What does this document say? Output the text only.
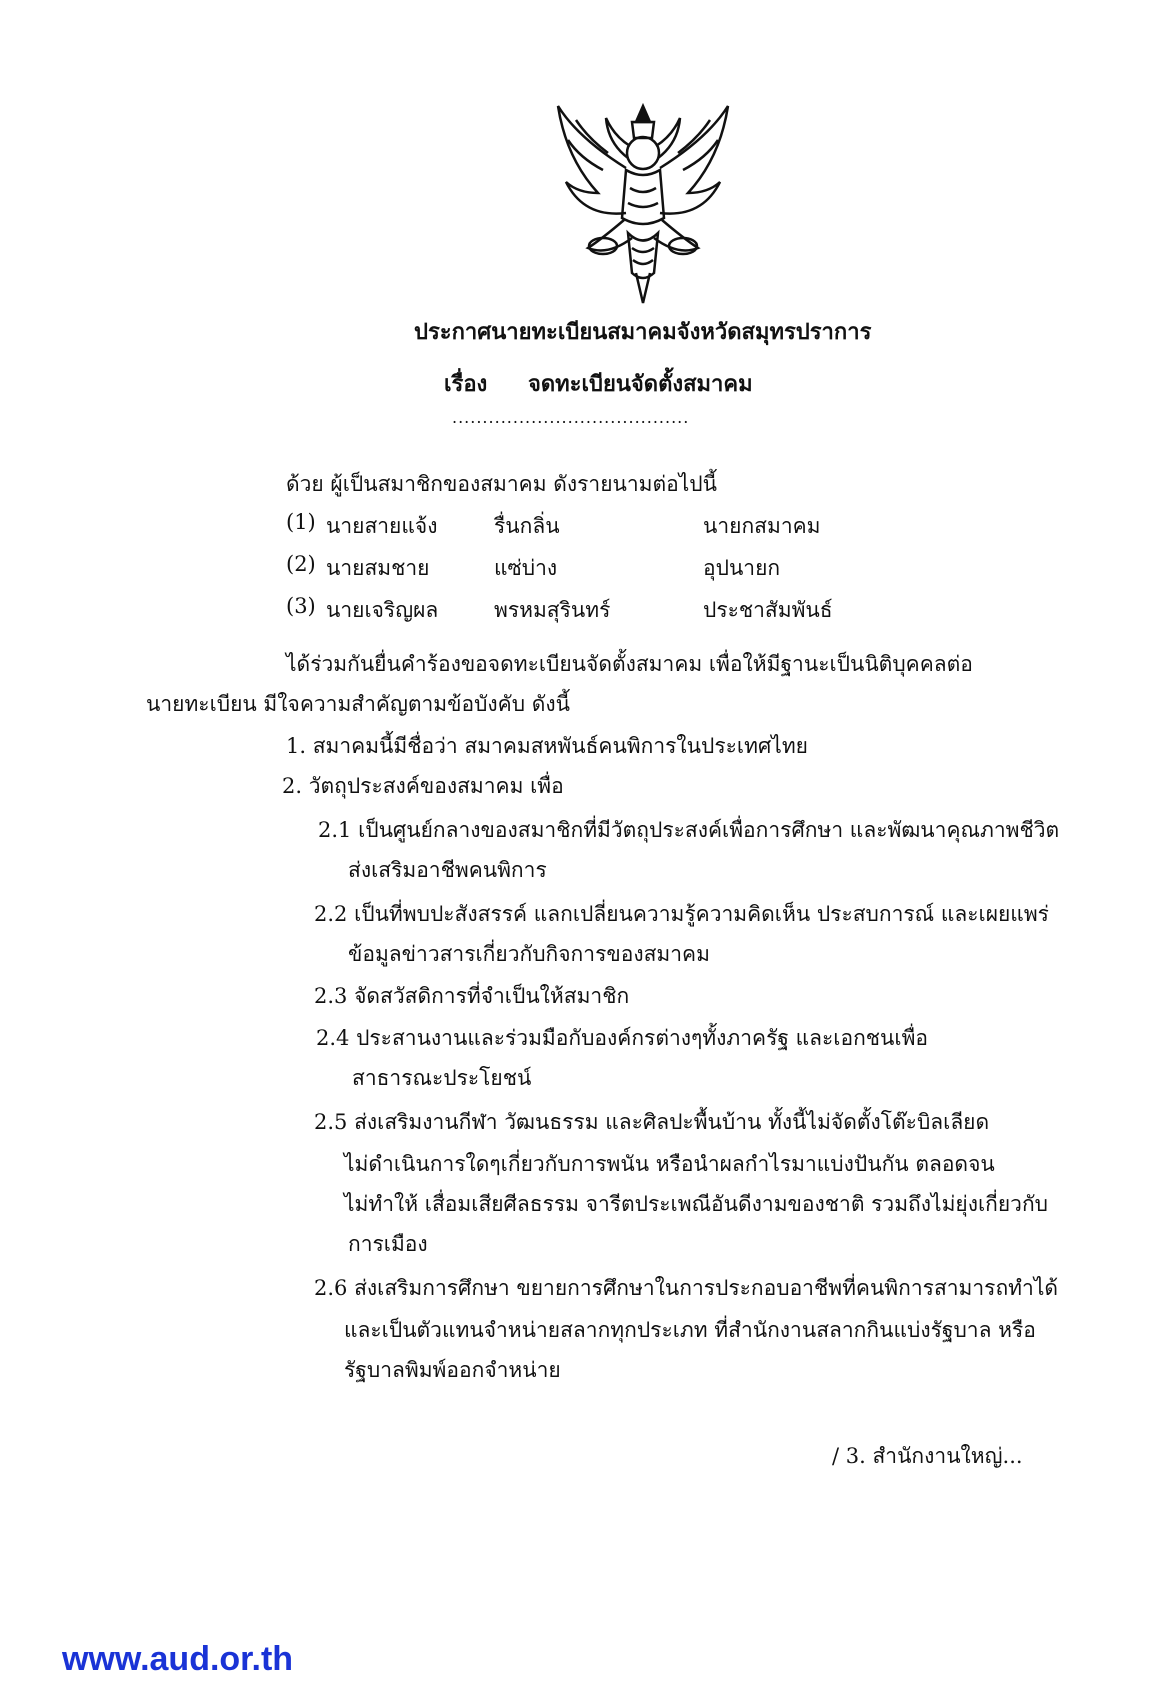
ประกาศนายทะเบียนสมาคมจังหวัดสมุทรปราการ
เรื่อง จดทะเบียนจัดตั้งสมาคม
.......................................
ด้วย ผู้เป็นสมาชิกของสมาคม ดังรายนามต่อไปนี้
(1) นายสายแจ้ง	รื่นกลิ่น	นายกสมาคม
(2) นายสมชาย	แซ่บ่าง	อุปนายก
(3) นายเจริญผล	พรหมสุรินทร์	ประชาสัมพันธ์
ได้ร่วมกันยื่นคำร้องขอจดทะเบียนจัดตั้งสมาคม เพื่อให้มีฐานะเป็นนิติบุคคลต่อ
นายทะเบียน มีใจความสำคัญตามข้อบังคับ ดังนี้
1. สมาคมนี้มีชื่อว่า สมาคมสหพันธ์คนพิการในประเทศไทย
2. วัตถุประสงค์ของสมาคม เพื่อ
2.1 เป็นศูนย์กลางของสมาชิกที่มีวัตถุประสงค์เพื่อการศึกษา และพัฒนาคุณภาพชีวิต
ส่งเสริมอาชีพคนพิการ
2.2 เป็นที่พบปะสังสรรค์ แลกเปลี่ยนความรู้ความคิดเห็น ประสบการณ์ และเผยแพร่
ข้อมูลข่าวสารเกี่ยวกับกิจการของสมาคม
2.3 จัดสวัสดิการที่จำเป็นให้สมาชิก
2.4 ประสานงานและร่วมมือกับองค์กรต่างๆทั้งภาครัฐ และเอกชนเพื่อ
สาธารณะประโยชน์
2.5 ส่งเสริมงานกีฬา วัฒนธรรม และศิลปะพื้นบ้าน ทั้งนี้ไม่จัดตั้งโต๊ะบิลเลียด
ไม่ดำเนินการใดๆเกี่ยวกับการพนัน หรือนำผลกำไรมาแบ่งปันกัน ตลอดจน
ไม่ทำให้ เสื่อมเสียศีลธรรม จารีตประเพณีอันดีงามของชาติ รวมถึงไม่ยุ่งเกี่ยวกับ
การเมือง
2.6 ส่งเสริมการศึกษา ขยายการศึกษาในการประกอบอาชีพที่คนพิการสามารถทำได้
และเป็นตัวแทนจำหน่ายสลากทุกประเภท ที่สำนักงานสลากกินแบ่งรัฐบาล หรือ
รัฐบาลพิมพ์ออกจำหน่าย
/ 3. สำนักงานใหญ่...
www.aud.or.th
